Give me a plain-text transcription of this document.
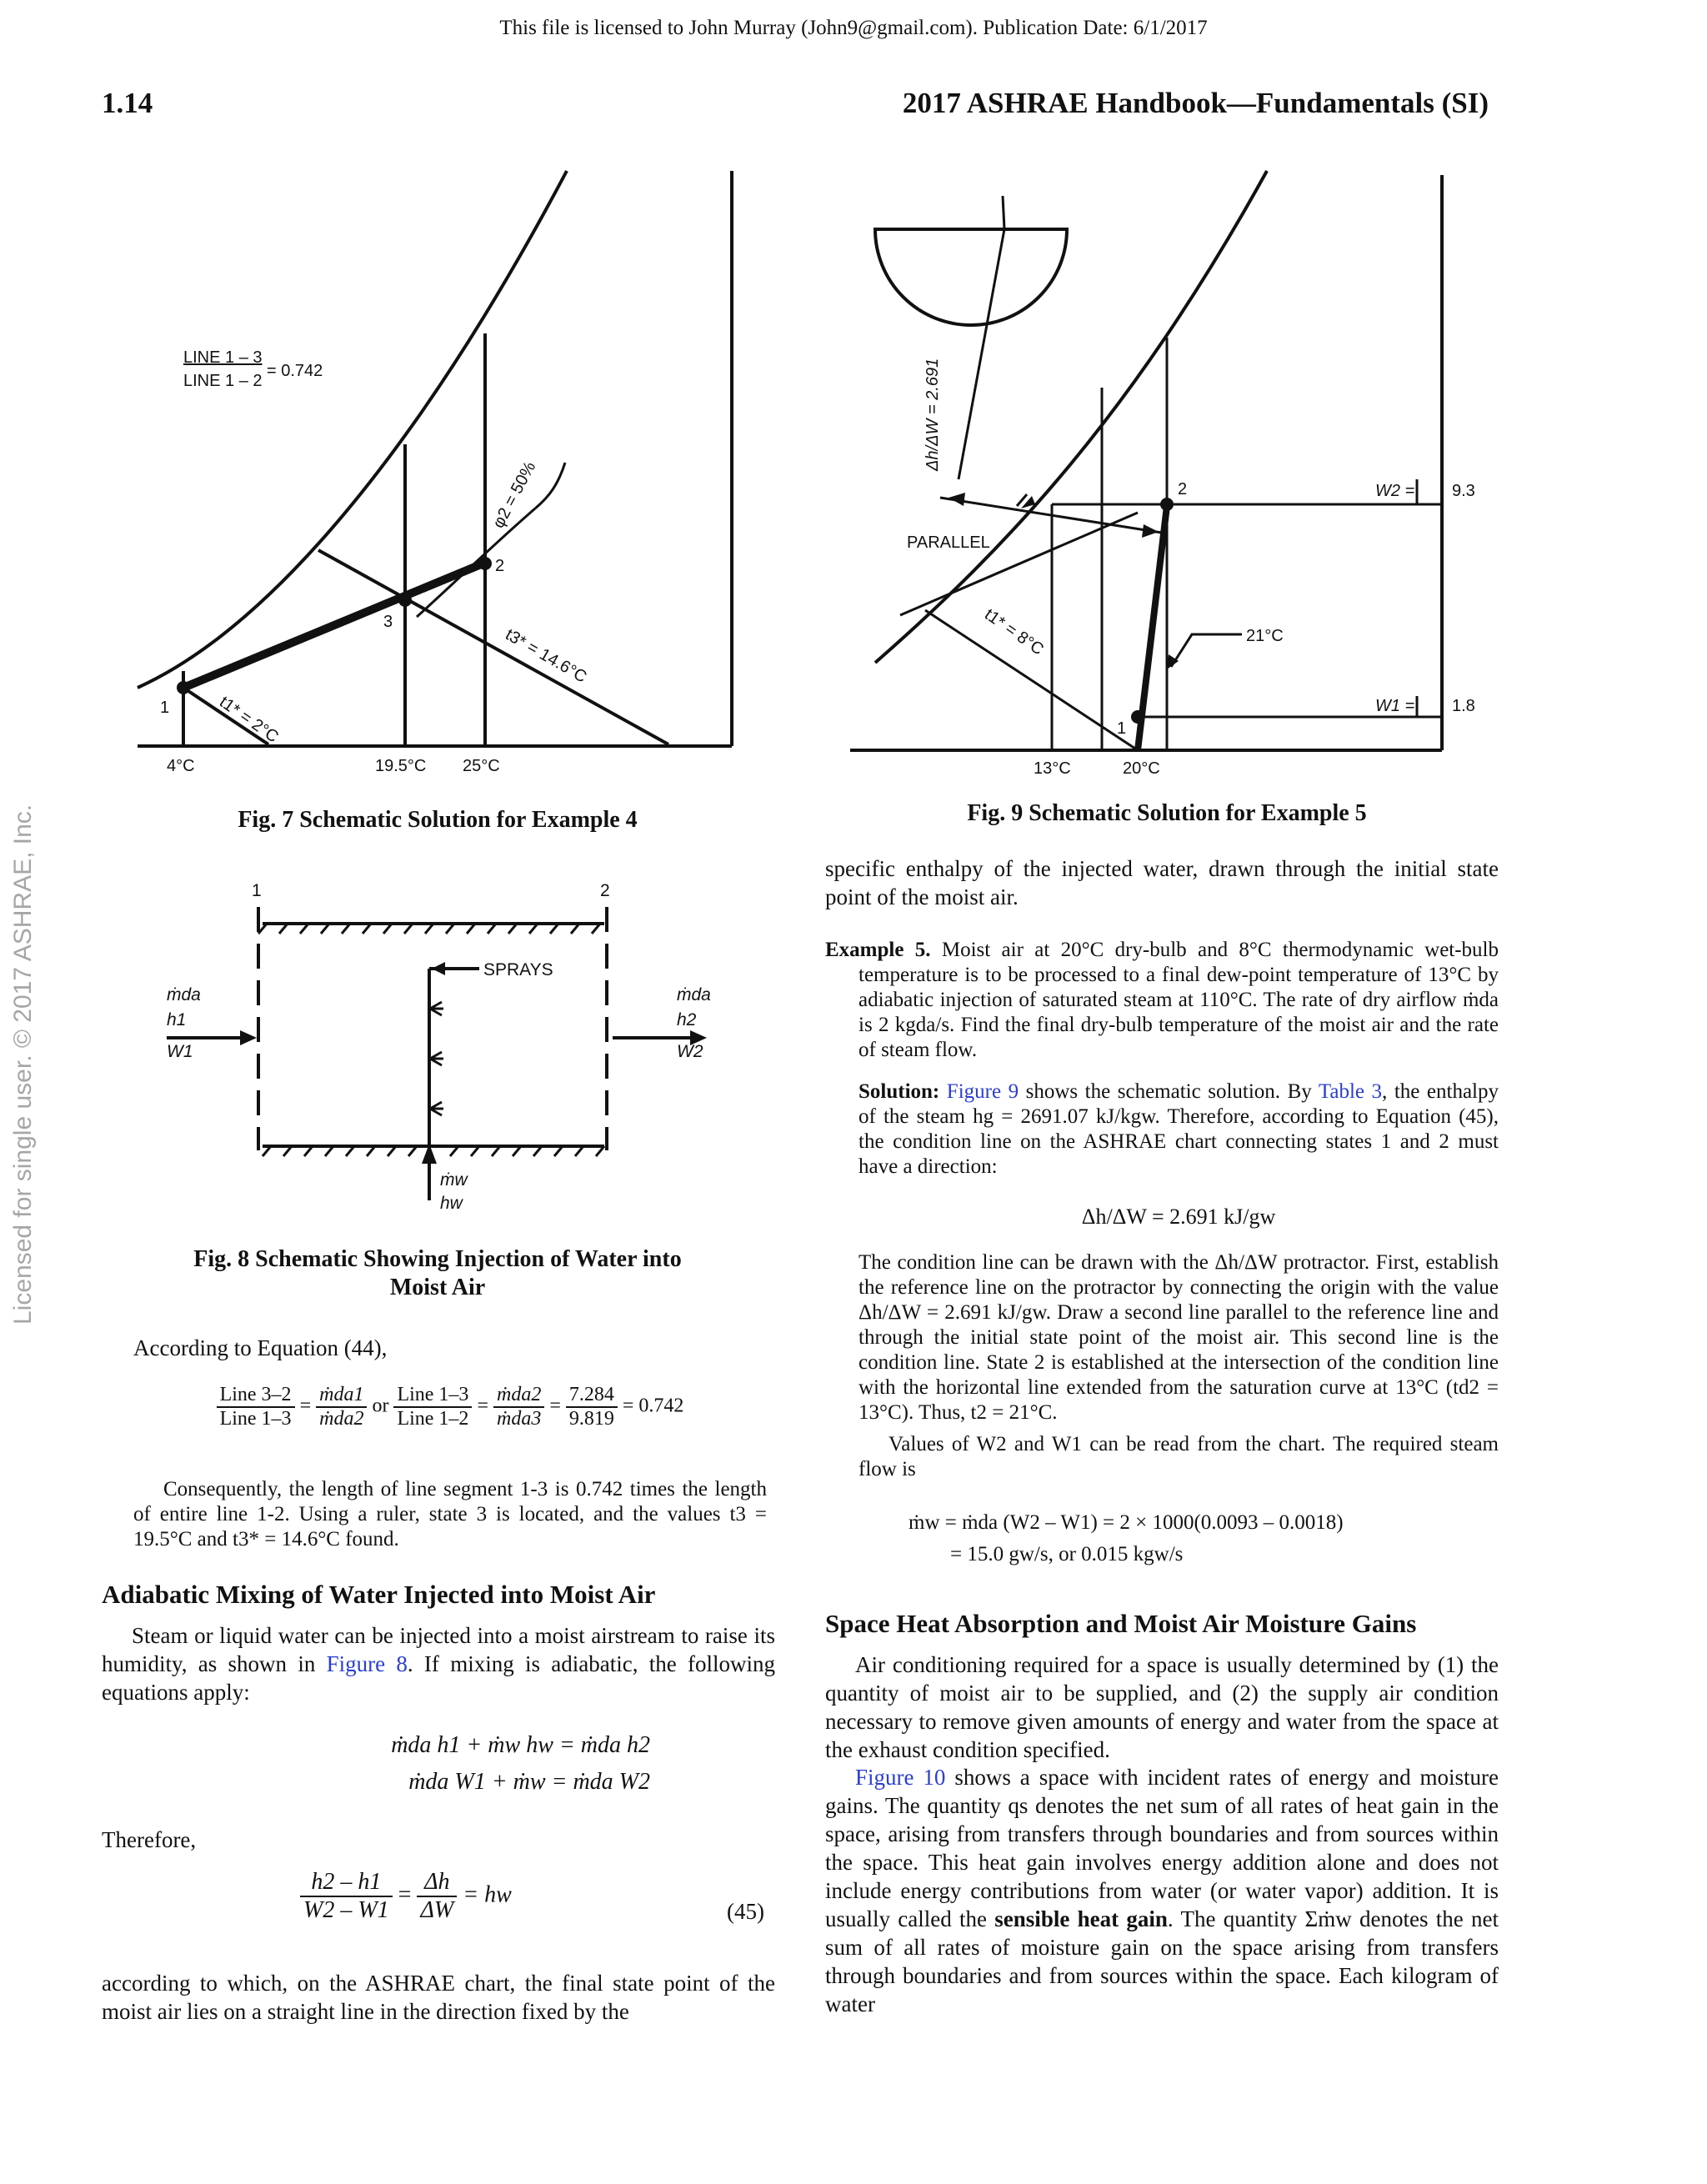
This file is licensed to John Murray (John9@gmail.com). Publication Date: 6/1/2017
Licensed for single user. © 2017 ASHRAE, Inc.
1.14	2017 ASHRAE Handbook—Fundamentals (SI)
LINE 1 – 3
LINE 1 – 2
= 0.742
φ2 = 50%
t3* = 14.6°C
t1* = 2°C
1
2
3
4°C	19.5°C 25°C
Fig. 7 Schematic Solution for Example 4
1	2
SPRAYS
ṁda
h1
W1
ṁda
h2
W2
ṁw
hw
Fig. 8 Schematic Showing Injection of Water into
Moist Air
Δh/ΔW = 2.691
PARALLEL
t1* = 8°C	21°C
W2 = 9.3
W1 = 1.8
2
1
13°C	20°C
Fig. 9 Schematic Solution for Example 5
According to Equation (44),
$\frac{\text{Line 3–2}}{\text{Line 1–3}} = \frac{\text{ṁda1}}{\text{ṁda2}}$ or $\frac{\text{Line 1–3}}{\text{Line 1–2}} = \frac{\text{ṁda2}}{\text{ṁda3}} = \frac{7.284}{9.819} = 0.742$
Consequently, the length of line segment 1-3 is 0.742 times the length of entire line 1-2. Using a ruler, state 3 is located, and the values t3 = 19.5°C and t3* = 14.6°C found.
Adiabatic Mixing of Water Injected into Moist Air

Steam or liquid water can be injected into a moist airstream to raise its humidity, as shown in Figure 8. If mixing is adiabatic, the following equations apply:

ṁda h1 + ṁw hw = ṁda h2
ṁda W1 + ṁw = ṁda W2
Therefore,
$\frac{h2 - h1}{W2 - W1} = \frac{\Delta h}{\Delta W}$ = hw
(45)
according to which, on the ASHRAE chart, the final state point of the moist air lies on a straight line in the direction fixed by the
specific enthalpy of the injected water, drawn through the initial state point of the moist air.

Example 5. Moist air at 20°C dry-bulb and 8°C thermodynamic wet-bulb temperature is to be processed to a final dew-point temperature of 13°C by adiabatic injection of saturated steam at 110°C. The rate of dry airflow ṁda is 2 kgda/s. Find the final dry-bulb temperature of the moist air and the rate of steam flow.

Solution: Figure 9 shows the schematic solution. By Table 3, the enthalpy of the steam hg = 2691.07 kJ/kgw. Therefore, according to Equation (45), the condition line on the ASHRAE chart connecting states 1 and 2 must have a direction:

Δh/ΔW = 2.691 kJ/gw
The condition line can be drawn with the Δh/ΔW protractor. First, establish the reference line on the protractor by connecting the origin with the value Δh/ΔW = 2.691 kJ/gw. Draw a second line parallel to the reference line and through the initial state point of the moist air. This second line is the condition line. State 2 is established at the intersection of the condition line with the horizontal line extended from the saturation curve at 13°C (td2 = 13°C). Thus, t2 = 21°C.

Values of W2 and W1 can be read from the chart. The required steam flow is

ṁw = ṁda (W2 – W1) = 2 × 1000(0.0093 – 0.0018)
= 15.0 gw/s, or 0.015 kgw/s
Space Heat Absorption and Moist Air Moisture Gains

Air conditioning required for a space is usually determined by (1) the quantity of moist air to be supplied, and (2) the supply air condition necessary to remove given amounts of energy and water from the space at the exhaust condition specified.

Figure 10 shows a space with incident rates of energy and moisture gains. The quantity qs denotes the net sum of all rates of heat gain in the space, arising from transfers through boundaries and from sources within the space. This heat gain involves energy addition alone and does not include energy contributions from water (or water vapor) addition. It is usually called the sensible heat gain. The quantity Σṁw denotes the net sum of all rates of moisture gain on the space arising from transfers through boundaries and from sources within the space. Each kilogram of water
